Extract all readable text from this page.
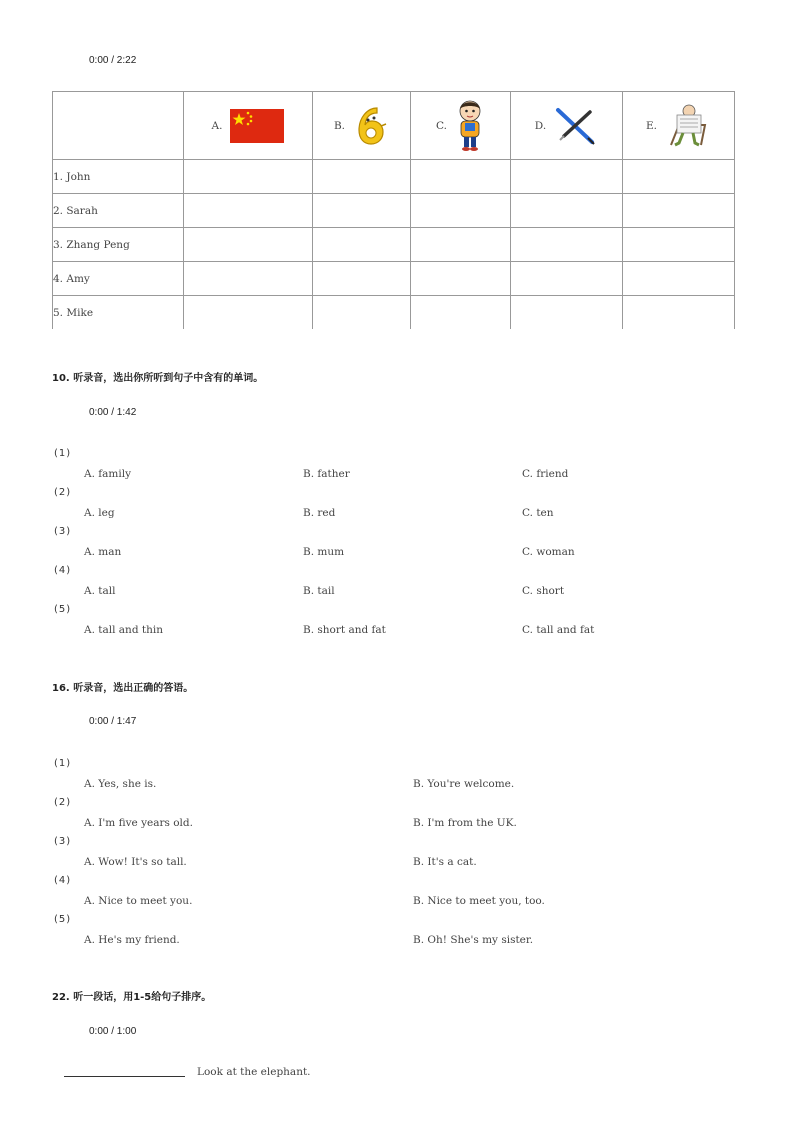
0:00 / 2:22

	A.	B.	C.	D.	E.

1. John					
2. Sarah					
3. Zhang Peng					
4. Amy					
5. Mike					
10. 听录音，选出你所听到句子中含有的单词。
0:00 / 1:42
(1)
A. family	B. father	C. friend
(2)
A. leg	B. red	C. ten
(3)
A. man	B. mum	C. woman
(4)
A. tall	B. tail	C. short
(5)
A. tall and thin	B. short and fat	C. tall and fat
16. 听录音，选出正确的答语。
0:00 / 1:47
(1)
A. Yes, she is.	B. You're welcome.
(2)
A. I'm five years old.	B. I'm from the UK.
(3)
A. Wow! It's so tall.	B. It's a cat.
(4)
A. Nice to meet you.	B. Nice to meet you, too.
(5)
A. He's my friend.	B. Oh! She's my sister.
22. 听一段话，用1-5给句子排序。
0:00 / 1:00
Look at the elephant.
